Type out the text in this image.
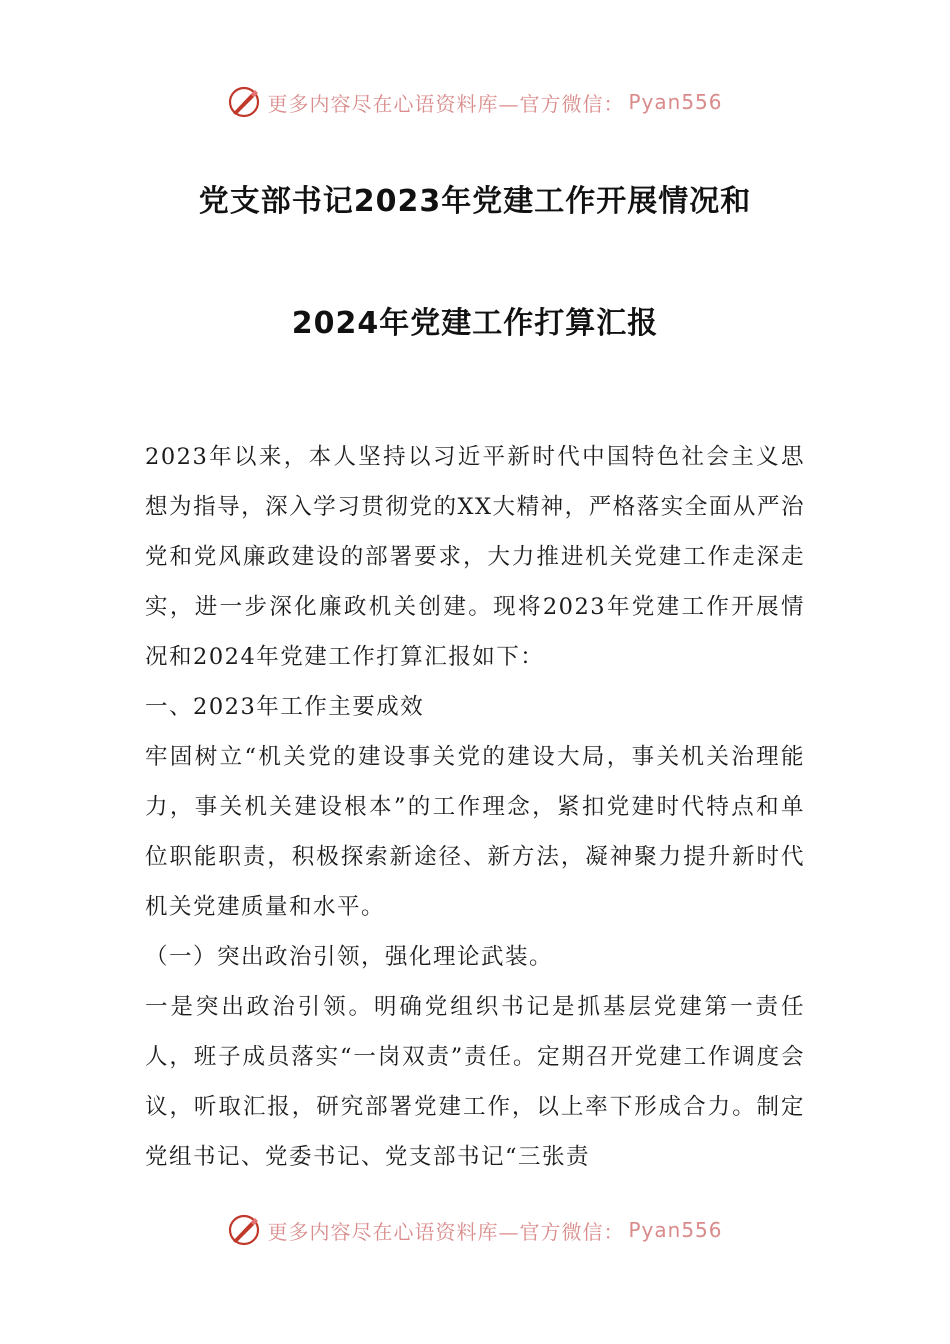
更多内容尽在心语资料库—官方微信： Pyan556
党支部书记2023年党建工作开展情况和
2024年党建工作打算汇报

2023年以来，本人坚持以习近平新时代中国特色社会主义思想为指导，深入学习贯彻党的XX大精神，严格落实全面从严治党和党风廉政建设的部署要求，大力推进机关党建工作走深走实，进一步深化廉政机关创建。现将2023年党建工作开展情况和2024年党建工作打算汇报如下：

一、2023年工作主要成效

牢固树立“机关党的建设事关党的建设大局，事关机关治理能力，事关机关建设根本”的工作理念，紧扣党建时代特点和单位职能职责，积极探索新途径、新方法，凝神聚力提升新时代机关党建质量和水平。

（一）突出政治引领，强化理论武装。

一是突出政治引领。明确党组织书记是抓基层党建第一责任人，班子成员落实“一岗双责”责任。定期召开党建工作调度会议，听取汇报，研究部署党建工作，以上率下形成合力。制定党组书记、党委书记、党支部书记“三张责

更多内容尽在心语资料库—官方微信： Pyan556
